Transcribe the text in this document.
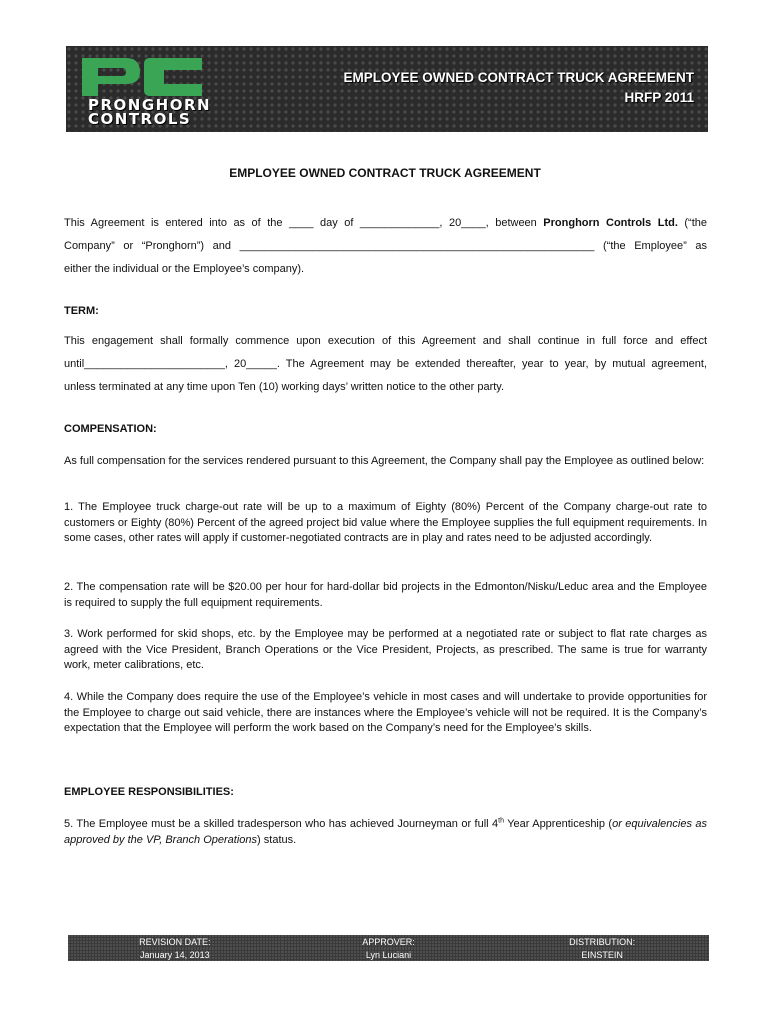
PRONGHORN
CONTROLS
EMPLOYEE OWNED CONTRACT TRUCK AGREEMENT
HRFP 2011
EMPLOYEE OWNED CONTRACT TRUCK AGREEMENT
This Agreement is entered into as of the ____ day of _____________, 20____, between Pronghorn Controls Ltd. (“the
Company” or “Pronghorn”) and __________________________________________________________ (“the Employee” as
either the individual or the Employee’s company).
TERM:
This engagement shall formally commence upon execution of this Agreement and shall continue in full force and effect
until_______________________, 20_____. The Agreement may be extended thereafter, year to year, by mutual agreement,
unless terminated at any time upon Ten (10) working days’ written notice to the other party.
COMPENSATION:
As full compensation for the services rendered pursuant to this Agreement, the Company shall pay the Employee as outlined below:
1. The Employee truck charge-out rate will be up to a maximum of Eighty (80%) Percent of the Company charge-out rate to customers or Eighty (80%) Percent of the agreed project bid value where the Employee supplies the full equipment requirements. In some cases, other rates will apply if customer-negotiated contracts are in play and rates need to be adjusted accordingly.
2. The compensation rate will be $20.00 per hour for hard-dollar bid projects in the Edmonton/Nisku/Leduc area and the Employee is required to supply the full equipment requirements.
3. Work performed for skid shops, etc. by the Employee may be performed at a negotiated rate or subject to flat rate charges as agreed with the Vice President, Branch Operations or the Vice President, Projects, as prescribed. The same is true for warranty work, meter calibrations, etc.
4. While the Company does require the use of the Employee’s vehicle in most cases and will undertake to provide opportunities for the Employee to charge out said vehicle, there are instances where the Employee’s vehicle will not be required. It is the Company’s expectation that the Employee will perform the work based on the Company’s need for the Employee’s skills.
EMPLOYEE RESPONSIBILITIES:
5. The Employee must be a skilled tradesperson who has achieved Journeyman or full 4th Year Apprenticeship (or equivalencies as approved by the VP, Branch Operations) status.
REVISION DATE:	APPROVER:	DISTRIBUTION:
January 14, 2013	Lyn Luciani	EINSTEIN
